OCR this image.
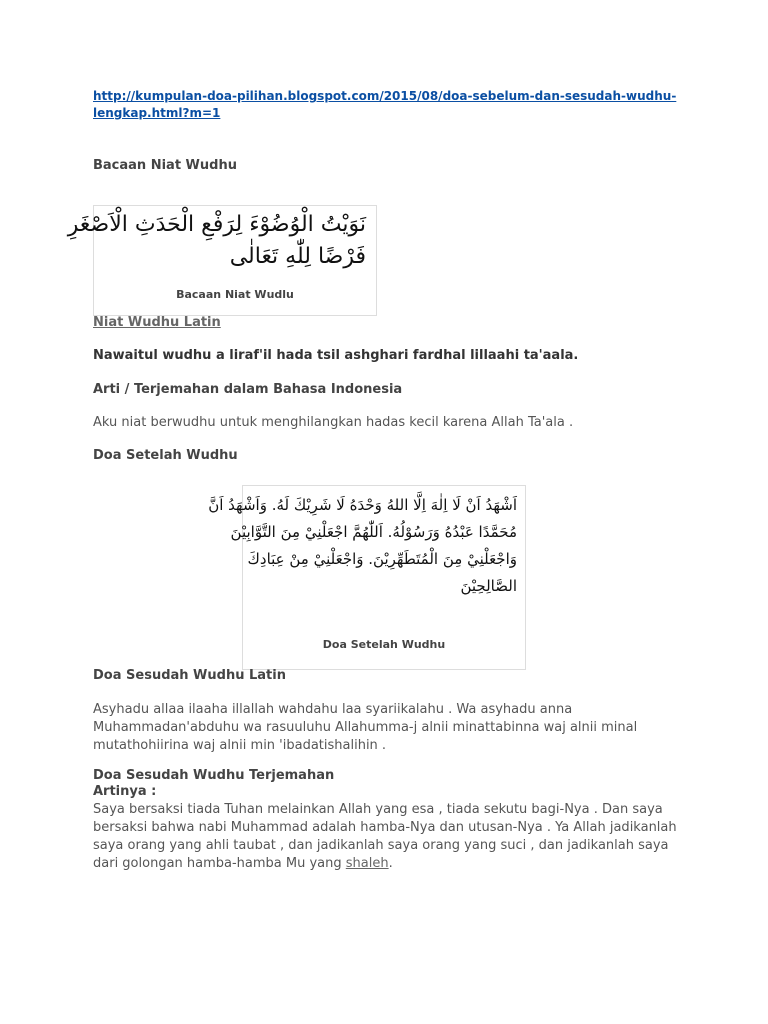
http://kumpulan-doa-pilihan.blogspot.com/2015/08/doa-sebelum-dan-sesudah-wudhu-
lengkap.html?m=1
Bacaan Niat Wudhu
نَوَيْتُ الْوُضُوْءَ لِرَفْعِ الْحَدَثِ الْاَصْغَرِ
فَرْضًا لِلّٰهِ تَعَالٰى
Bacaan Niat Wudlu
Niat Wudhu Latin
Nawaitul wudhu a liraf'il hada tsil ashghari fardhal lillaahi ta'aala.
Arti / Terjemahan dalam Bahasa Indonesia
Aku niat berwudhu untuk menghilangkan hadas kecil karena Allah Ta'ala .
Doa Setelah Wudhu
اَشْهَدُ اَنْ لَا اِلٰهَ اِلَّا اللهُ وَحْدَهُ لَا شَرِيْكَ لَهُ. وَاَشْهَدُ اَنَّ
مُحَمَّدًا عَبْدُهُ وَرَسُوْلُهُ. اَللّٰهُمَّ اجْعَلْنِيْ مِنَ التَّوَّابِيْنَ
وَاجْعَلْنِيْ مِنَ الْمُتَطَهِّرِيْنَ. وَاجْعَلْنِيْ مِنْ عِبَادِكَ
الصَّالِحِيْنَ
Doa Setelah Wudhu
Doa Sesudah Wudhu Latin
Asyhadu allaa ilaaha illallah wahdahu laa syariikalahu . Wa asyhadu anna
Muhammadan'abduhu wa rasuuluhu Allahumma-j alnii minattabinna waj alnii minal
mutathohiirina waj alnii min 'ibadatishalihin .
Doa Sesudah Wudhu Terjemahan
Artinya :
Saya bersaksi tiada Tuhan melainkan Allah yang esa , tiada sekutu bagi-Nya . Dan saya
bersaksi bahwa nabi Muhammad adalah hamba-Nya dan utusan-Nya . Ya Allah jadikanlah
saya orang yang ahli taubat , dan jadikanlah saya orang yang suci , dan jadikanlah saya
dari golongan hamba-hamba Mu yang shaleh.
